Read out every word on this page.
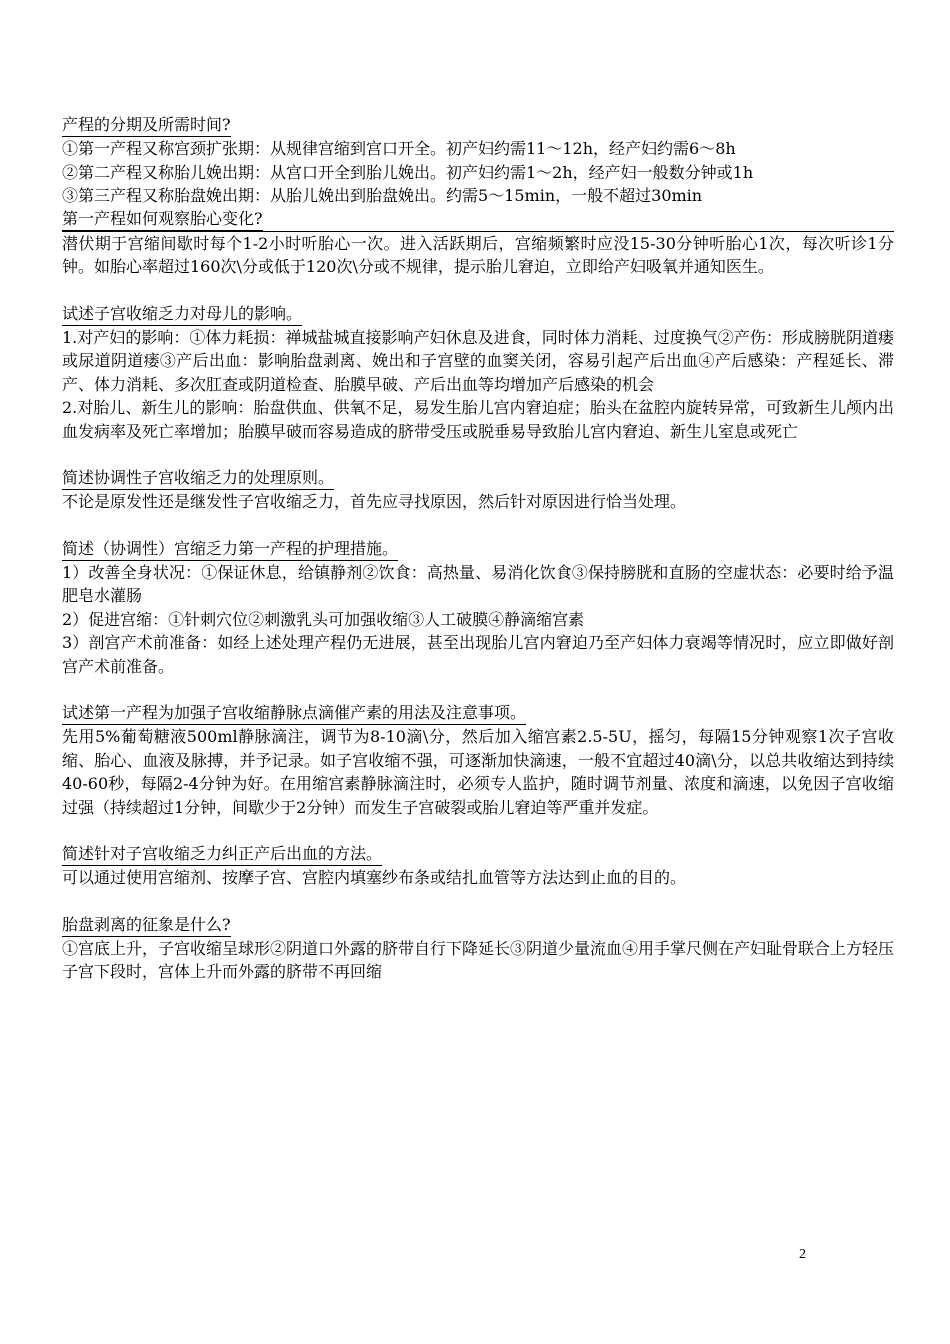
产程的分期及所需时间?

①第一产程又称宫颈扩张期：从规律宫缩到宫口开全。初产妇约需11～12h，经产妇约需6～8h

②第二产程又称胎儿娩出期：从宫口开全到胎儿娩出。初产妇约需1～2h，经产妇一般数分钟或1h

③第三产程又称胎盘娩出期：从胎儿娩出到胎盘娩出。约需5～15min，一般不超过30min

第一产程如何观察胎心变化?

潜伏期于宫缩间歇时每个1-2小时听胎心一次。进入活跃期后，宫缩频繁时应没15-30分钟听胎心1次，每次听诊1分钟。如胎心率超过160次\分或低于120次\分或不规律，提示胎儿窘迫，立即给产妇吸氧并通知医生。

试述子宫收缩乏力对母儿的影响。

1.对产妇的影响：①体力耗损：禅城盐城直接影响产妇休息及进食，同时体力消耗、过度换气②产伤：形成膀胱阴道瘘或尿道阴道瘘③产后出血：影响胎盘剥离、娩出和子宫壁的血窦关闭，容易引起产后出血④产后感染：产程延长、滞产、体力消耗、多次肛查或阴道检查、胎膜早破、产后出血等均增加产后感染的机会

2.对胎儿、新生儿的影响：胎盘供血、供氧不足，易发生胎儿宫内窘迫症；胎头在盆腔内旋转异常，可致新生儿颅内出血发病率及死亡率增加；胎膜早破而容易造成的脐带受压或脱垂易导致胎儿宫内窘迫、新生儿室息或死亡

简述协调性子宫收缩乏力的处理原则。

不论是原发性还是继发性子宫收缩乏力，首先应寻找原因，然后针对原因进行恰当处理。

简述（协调性）宫缩乏力第一产程的护理措施。

1）改善全身状况：①保证休息，给镇静剂②饮食：高热量、易消化饮食③保持膀胱和直肠的空虚状态：必要时给予温肥皂水灌肠

2）促进宫缩：①针刺穴位②刺激乳头可加强收缩③人工破膜④静滴缩宫素

3）剖宫产术前准备：如经上述处理产程仍无进展，甚至出现胎儿宫内窘迫乃至产妇体力衰竭等情况时，应立即做好剖宫产术前准备。

试述第一产程为加强子宫收缩静脉点滴催产素的用法及注意事项。

先用5%葡萄糖液500ml静脉滴注，调节为8-10滴\分，然后加入缩宫素2.5-5U，摇匀，每隔15分钟观察1次子宫收缩、胎心、血液及脉搏，并予记录。如子宫收缩不强，可逐渐加快滴速，一般不宜超过40滴\分，以总共收缩达到持续40-60秒，每隔2-4分钟为好。在用缩宫素静脉滴注时，必须专人监护，随时调节剂量、浓度和滴速，以免因子宫收缩过强（持续超过1分钟，间歇少于2分钟）而发生子宫破裂或胎儿窘迫等严重并发症。

简述针对子宫收缩乏力纠正产后出血的方法。

可以通过使用宫缩剂、按摩子宫、宫腔内填塞纱布条或结扎血管等方法达到止血的目的。

胎盘剥离的征象是什么?

①宫底上升，子宫收缩呈球形②阴道口外露的脐带自行下降延长③阴道少量流血④用手掌尺侧在产妇耻骨联合上方轻压子宫下段时，宫体上升而外露的脐带不再回缩

2
